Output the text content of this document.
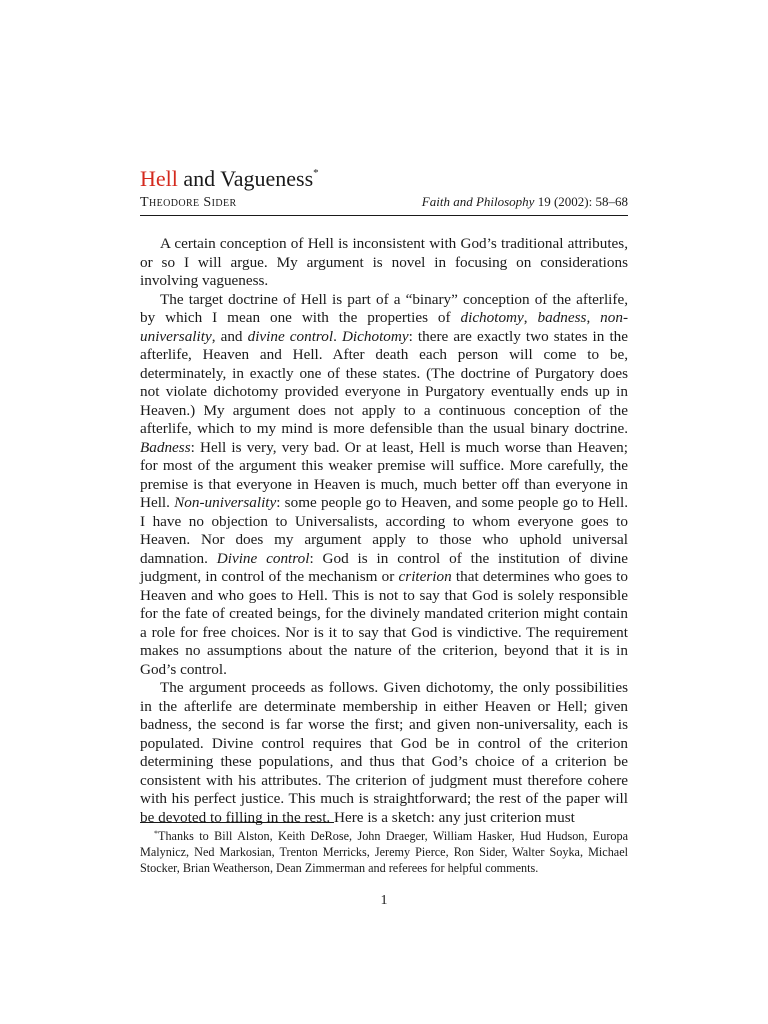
Hell and Vagueness*
Theodore Sider	Faith and Philosophy 19 (2002): 58–68

A certain conception of Hell is inconsistent with God’s traditional attributes, or so I will argue. My argument is novel in focusing on considerations involving vagueness.

The target doctrine of Hell is part of a “binary” conception of the afterlife, by which I mean one with the properties of dichotomy, badness, non-universality, and divine control. Dichotomy: there are exactly two states in the afterlife, Heaven and Hell. After death each person will come to be, determinately, in exactly one of these states. (The doctrine of Purgatory does not violate dichotomy provided everyone in Purgatory eventually ends up in Heaven.) My argument does not apply to a continuous conception of the afterlife, which to my mind is more defensible than the usual binary doctrine. Badness: Hell is very, very bad. Or at least, Hell is much worse than Heaven; for most of the argument this weaker premise will suffice. More carefully, the premise is that everyone in Heaven is much, much better off than everyone in Hell. Non-universality: some people go to Heaven, and some people go to Hell. I have no objection to Universalists, according to whom everyone goes to Heaven. Nor does my argument apply to those who uphold universal damnation. Divine control: God is in control of the institution of divine judgment, in control of the mechanism or criterion that determines who goes to Heaven and who goes to Hell. This is not to say that God is solely responsible for the fate of created beings, for the divinely mandated criterion might contain a role for free choices. Nor is it to say that God is vindictive. The requirement makes no assumptions about the nature of the criterion, beyond that it is in God’s control.

The argument proceeds as follows. Given dichotomy, the only possibilities in the afterlife are determinate membership in either Heaven or Hell; given badness, the second is far worse the first; and given non-universality, each is populated. Divine control requires that God be in control of the criterion determining these populations, and thus that God’s choice of a criterion be consistent with his attributes. The criterion of judgment must therefore cohere with his perfect justice. This much is straightforward; the rest of the paper will be devoted to filling in the rest. Here is a sketch: any just criterion must

*Thanks to Bill Alston, Keith DeRose, John Draeger, William Hasker, Hud Hudson, Europa Malynicz, Ned Markosian, Trenton Merricks, Jeremy Pierce, Ron Sider, Walter Soyka, Michael Stocker, Brian Weatherson, Dean Zimmerman and referees for helpful comments.
1
